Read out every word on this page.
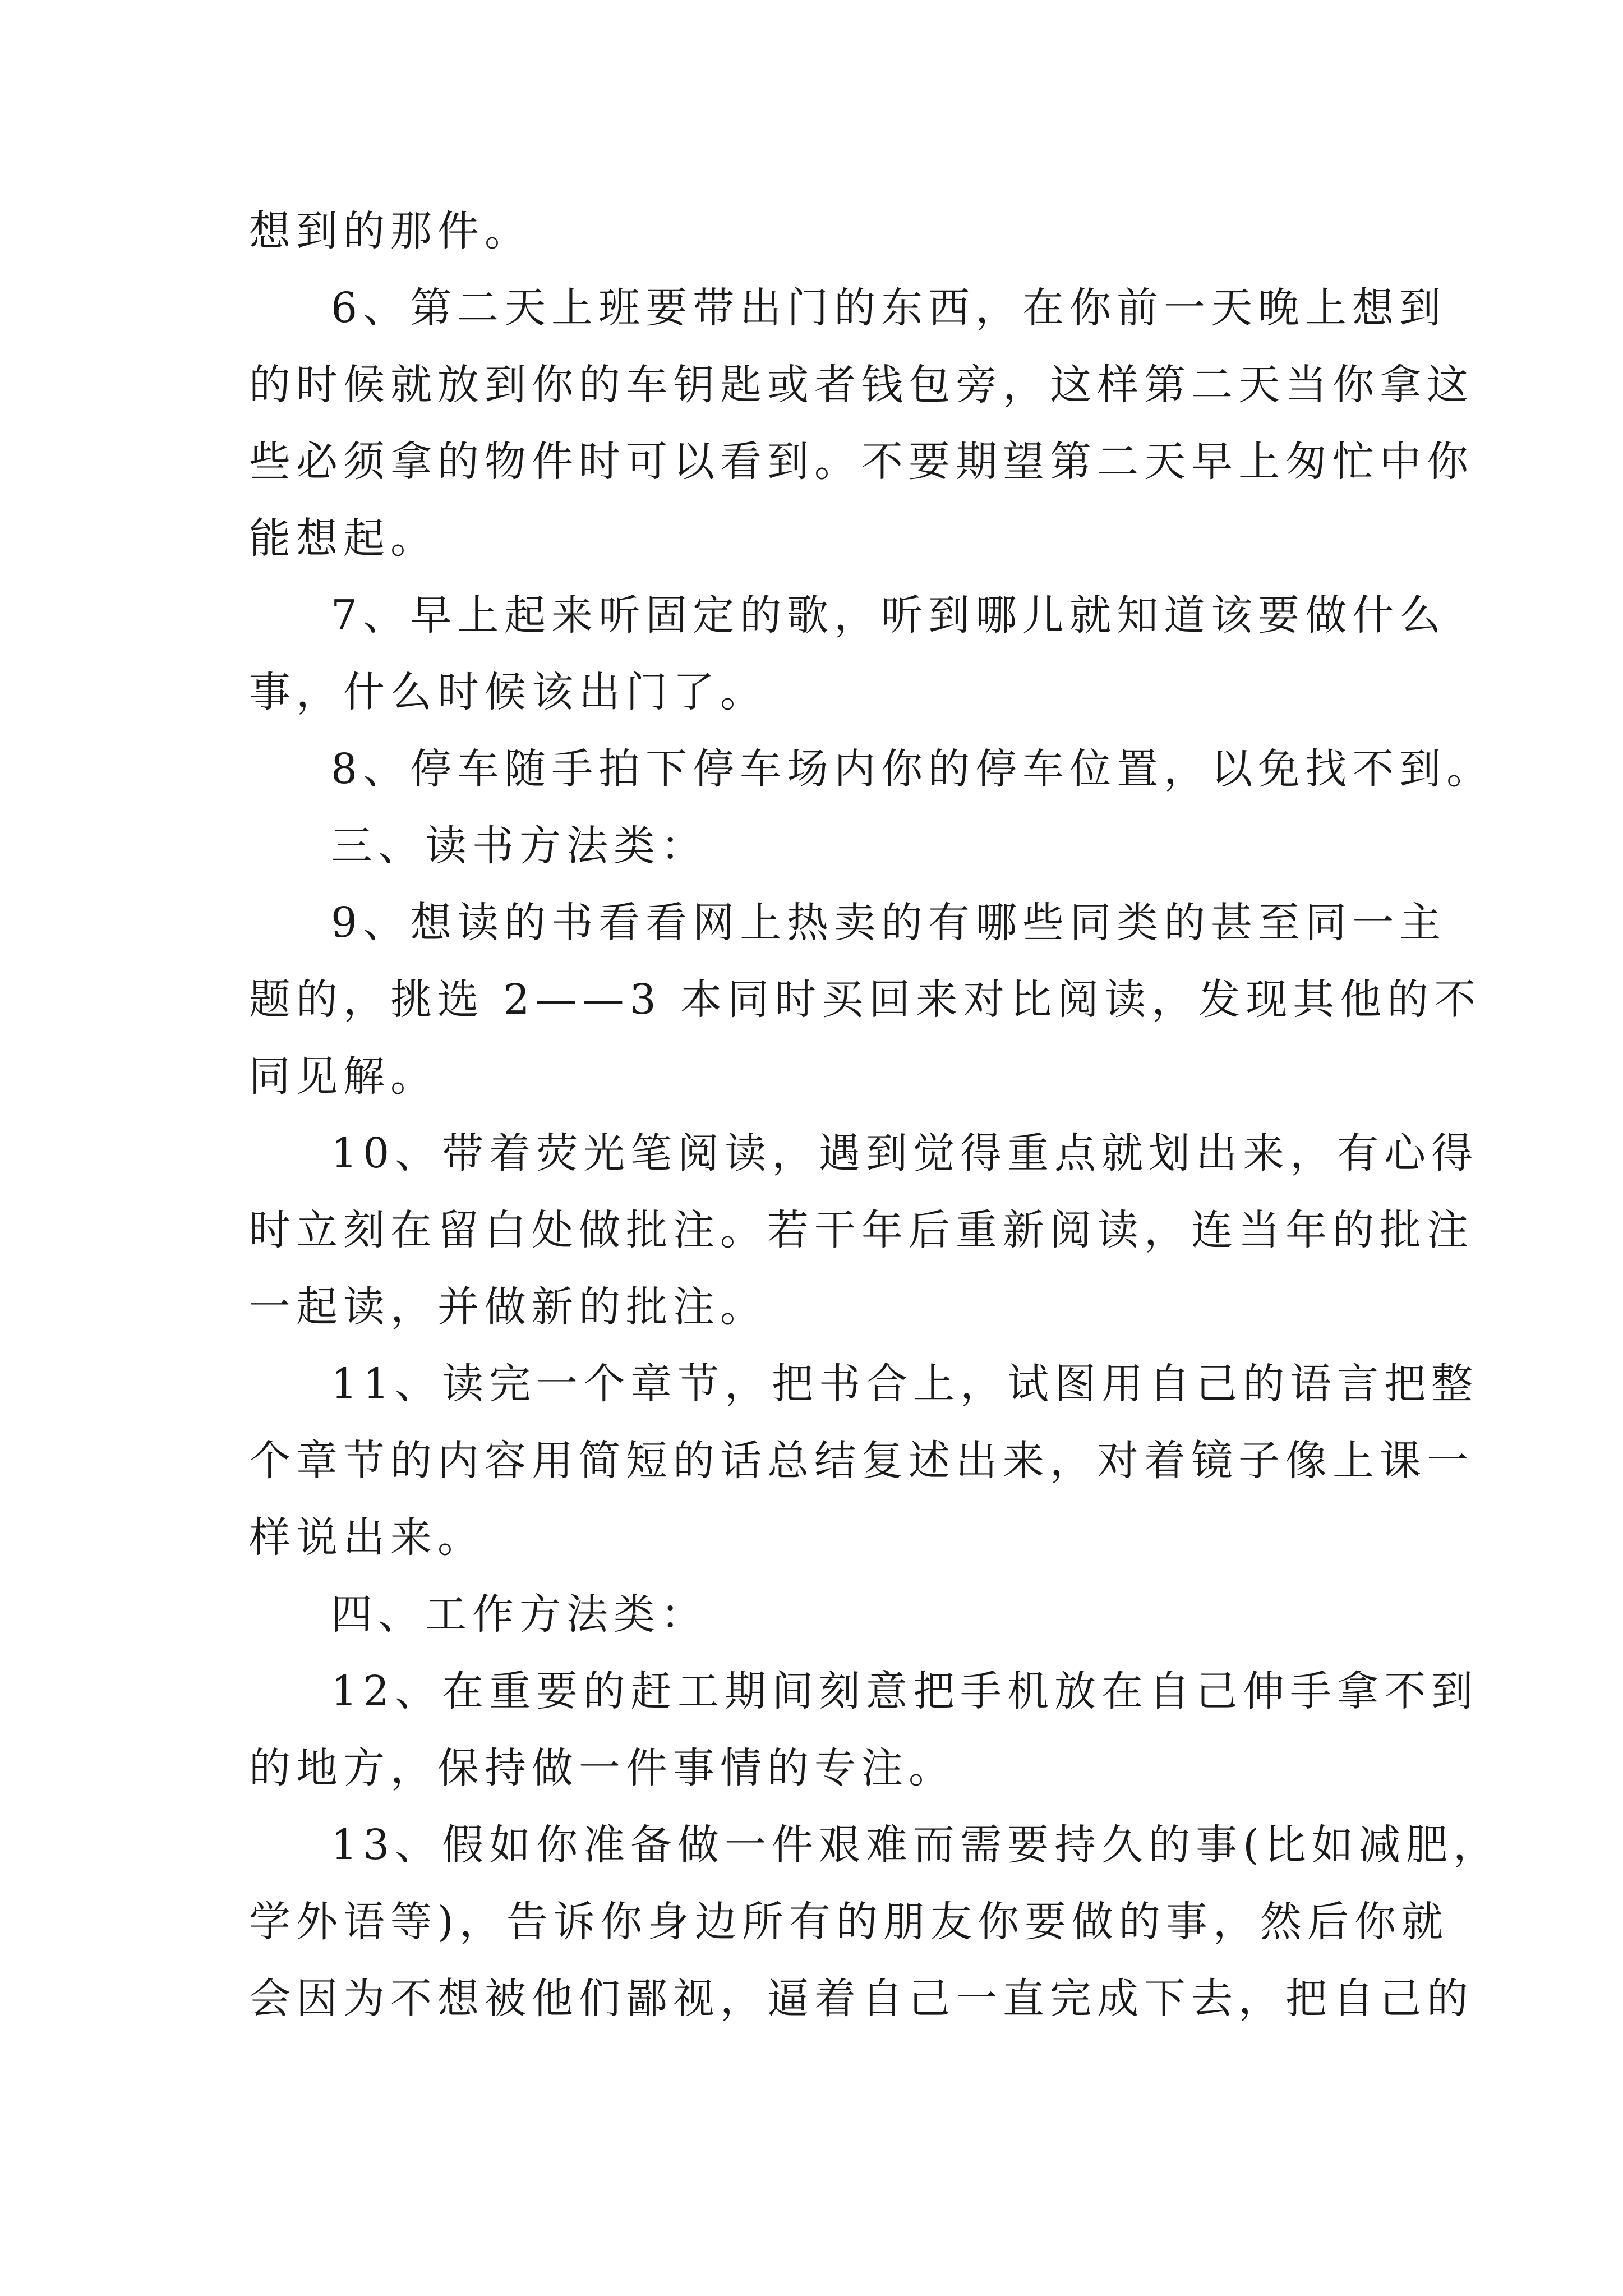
想到的那件。
6、第二天上班要带出门的东西，在你前一天晚上想到
的时候就放到你的车钥匙或者钱包旁，这样第二天当你拿这
些必须拿的物件时可以看到。不要期望第二天早上匆忙中你
能想起。
7、早上起来听固定的歌，听到哪儿就知道该要做什么
事，什么时候该出门了。
8、停车随手拍下停车场内你的停车位置，以免找不到。
三、读书方法类：
9、想读的书看看网上热卖的有哪些同类的甚至同一主
题的，挑选 2——3 本同时买回来对比阅读，发现其他的不
同见解。
10、带着荧光笔阅读，遇到觉得重点就划出来，有心得
时立刻在留白处做批注。若干年后重新阅读，连当年的批注
一起读，并做新的批注。
11、读完一个章节，把书合上，试图用自己的语言把整
个章节的内容用简短的话总结复述出来，对着镜子像上课一
样说出来。
四、工作方法类：
12、在重要的赶工期间刻意把手机放在自己伸手拿不到
的地方，保持做一件事情的专注。
13、假如你准备做一件艰难而需要持久的事(比如减肥，
学外语等)，告诉你身边所有的朋友你要做的事，然后你就
会因为不想被他们鄙视，逼着自己一直完成下去，把自己的
